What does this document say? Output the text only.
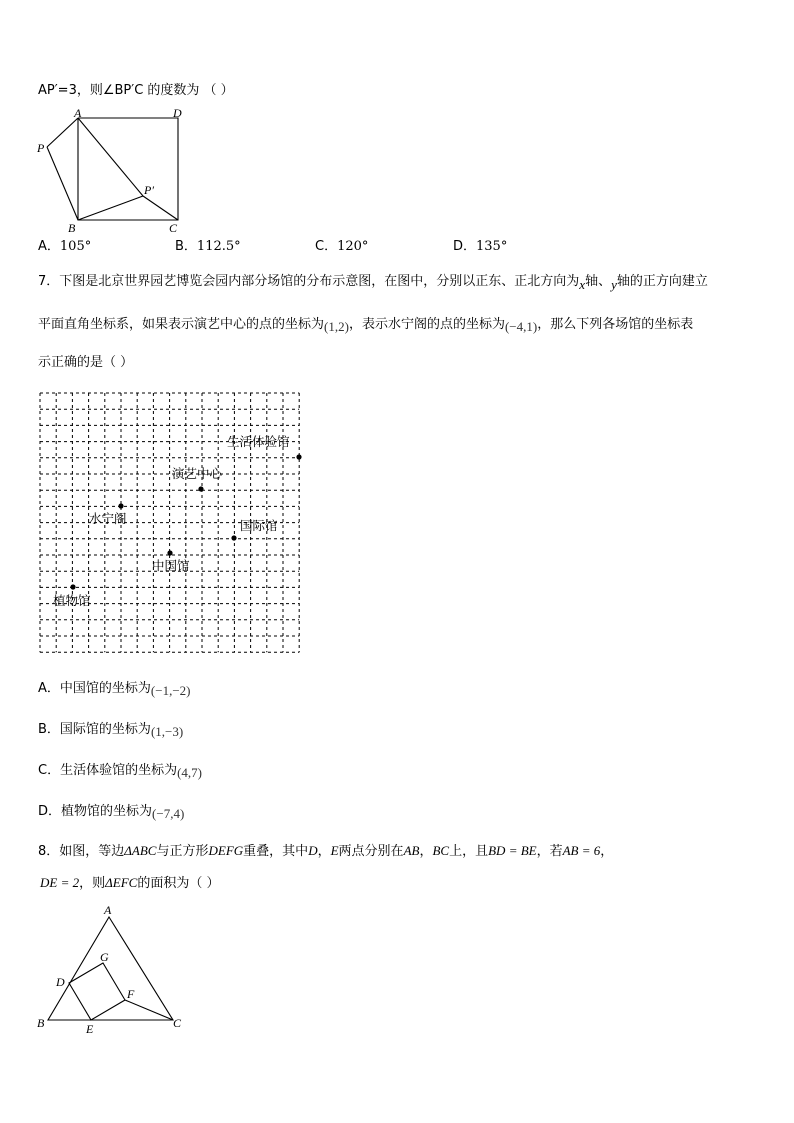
AP′=3，则∠BP′C 的度数为 （ ）
A	D
P
P′
B	C
A．105°	B．112.5°	C．120°	D．135°
7．下图是北京世界园艺博览会园内部分场馆的分布示意图，在图中，分别以正东、正北方向为x轴、y轴的正方向建立
平面直角坐标系，如果表示演艺中心的点的坐标为(1,2)，表示水宁阁的点的坐标为(−4,1)，那么下列各场馆的坐标表
示正确的是（ ）
生活体验馆
演艺中心
水宁阁	国际馆
中国馆
植物馆
A．中国馆的坐标为(−1,−2)
B．国际馆的坐标为(1,−3)
C．生活体验馆的坐标为(4,7)
D．植物馆的坐标为(−7,4)
8．如图，等边ΔABC与正方形DEFG重叠，其中D，E两点分别在AB，BC上，且BD = BE，若AB = 6，
DE = 2，则ΔEFC的面积为（ ）
A
B	C
D
E
F
G
